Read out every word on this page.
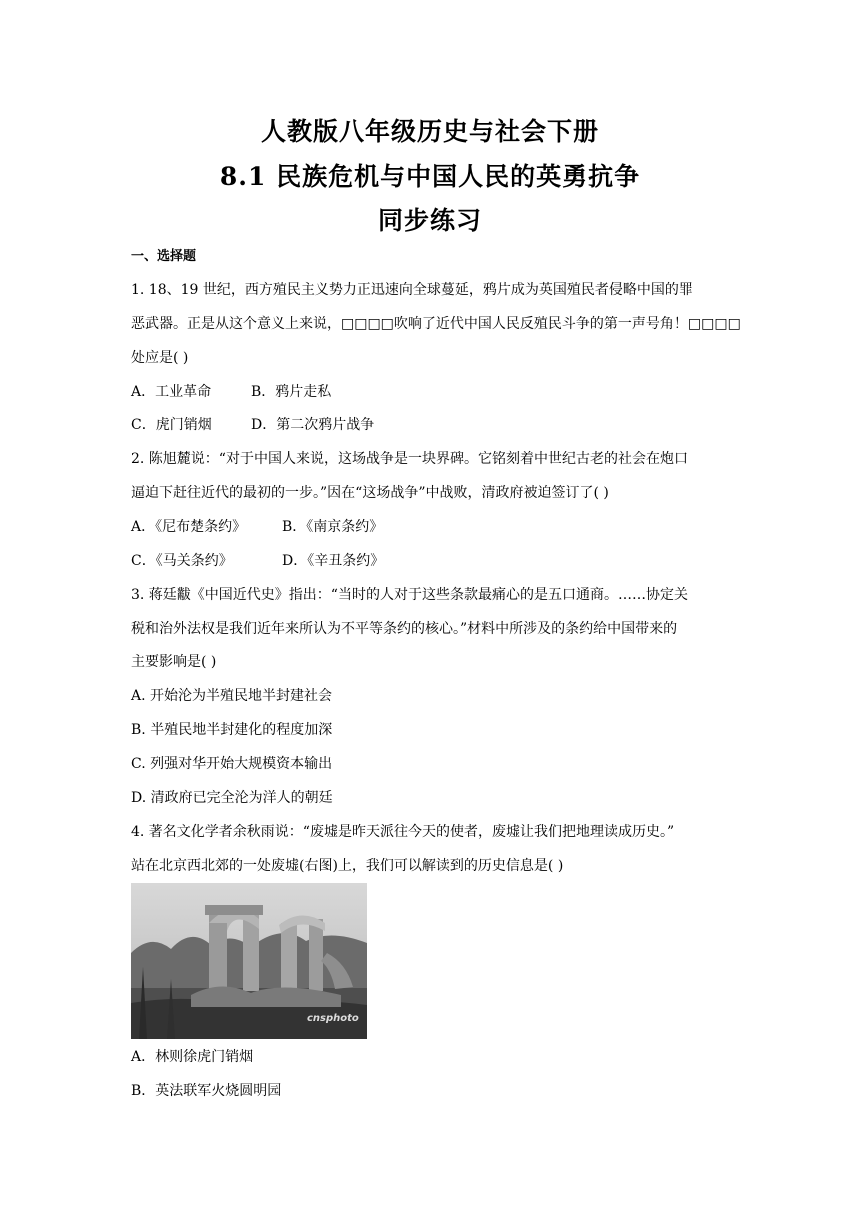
人教版八年级历史与社会下册
8.1 民族危机与中国人民的英勇抗争
同步练习
一、选择题
1. 18、19 世纪，西方殖民主义势力正迅速向全球蔓延，鸦片成为英国殖民者侵略中国的罪
恶武器。正是从这个意义上来说，□□□□吹响了近代中国人民反殖民斗争的第一声号角！□□□□
处应是( )
A．工业革命	B．鸦片走私
C．虎门销烟	D．第二次鸦片战争
2. 陈旭麓说：“对于中国人来说，这场战争是一块界碑。它铭刻着中世纪古老的社会在炮口
逼迫下赶往近代的最初的一步。”因在“这场战争”中战败，清政府被迫签订了( )
A．《尼布楚条约》	B．《南京条约》
C．《马关条约》	D．《辛丑条约》
3. 蒋廷黻《中国近代史》指出：“当时的人对于这些条款最痛心的是五口通商。……协定关
税和治外法权是我们近年来所认为不平等条约的核心。”材料中所涉及的条约给中国带来的
主要影响是( )
A. 开始沦为半殖民地半封建社会
B. 半殖民地半封建化的程度加深
C. 列强对华开始大规模资本输出
D. 清政府已完全沦为洋人的朝廷
4. 著名文化学者余秋雨说：“废墟是昨天派往今天的使者，废墟让我们把地理读成历史。”
站在北京西北郊的一处废墟(右图)上，我们可以解读到的历史信息是( )
cnsphoto
A．林则徐虎门销烟
B．英法联军火烧圆明园
